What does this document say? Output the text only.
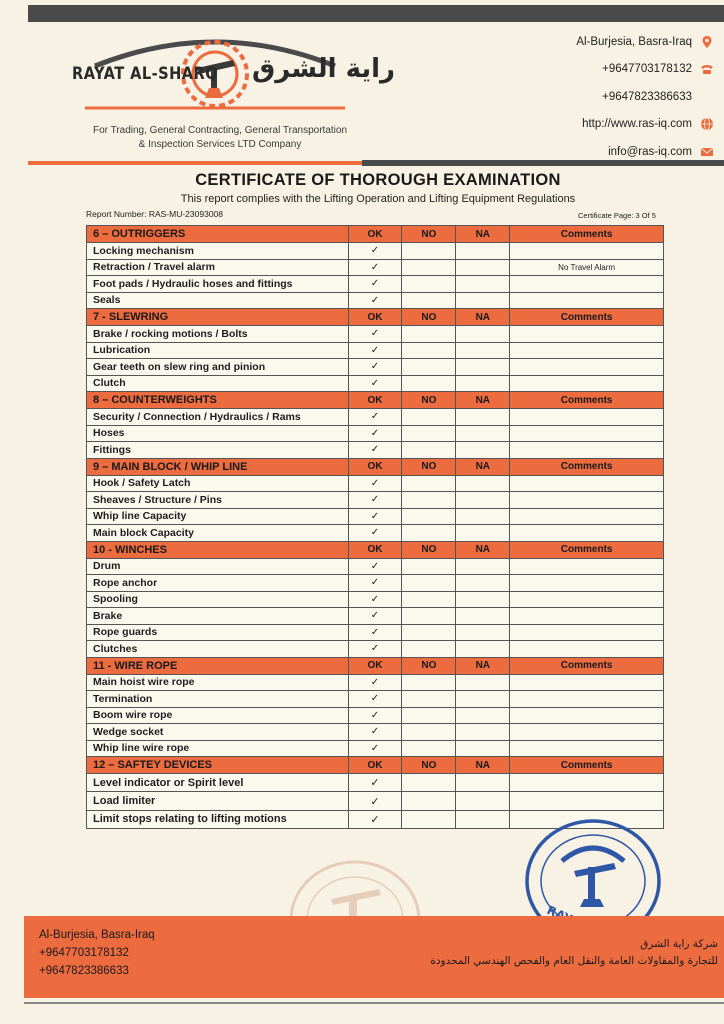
RAYAT AL-SHARQ راية الشرق
For Trading, General Contracting, General Transportation
& Inspection Services LTD Company
Al-Burjesia, Basra-Iraq
+9647703178132
+9647823386633
http://www.ras-iq.com
info@ras-iq.com
CERTIFICATE OF THOROUGH EXAMINATION
This report complies with the Lifting Operation and Lifting Equipment Regulations
Report Number: RAS-MU-23093008	Certificate Page: 3 Of 5
6 – OUTRIGGERS	OK	NO	NA	Comments
Locking mechanism	✓			
Retraction / Travel alarm	✓			No Travel Alarm
Foot pads / Hydraulic hoses and fittings	✓			
Seals	✓			
7 - SLEWRING	OK	NO	NA	Comments
Brake / rocking motions / Bolts	✓			
Lubrication	✓			
Gear teeth on slew ring and pinion	✓			
Clutch	✓			
8 – COUNTERWEIGHTS	OK	NO	NA	Comments
Security / Connection / Hydraulics / Rams	✓			
Hoses	✓			
Fittings	✓			
9 – MAIN BLOCK / WHIP LINE	OK	NO	NA	Comments
Hook / Safety Latch	✓			
Sheaves / Structure / Pins	✓			
Whip line Capacity	✓			
Main block Capacity	✓			
10 - WINCHES	OK	NO	NA	Comments
Drum	✓			
Rope anchor	✓			
Spooling	✓			
Brake	✓			
Rope guards	✓			
Clutches	✓			
11 - WIRE ROPE	OK	NO	NA	Comments
Main hoist wire rope	✓			
Termination	✓			
Boom wire rope	✓			
Wedge socket	✓			
Whip line wire rope	✓			
12 – SAFTEY DEVICES	OK	NO	NA	Comments
Level indicator or Spirit level	✓			
Load limiter	✓			
Limit stops relating to lifting motions	✓			
Al-Burjesia, Basra-Iraq
+9647703178132
+9647823386633
شركة راية الشرق
للتجارة والمقاولات العامة والنقل العام والفحص الهندسي المحدودة
